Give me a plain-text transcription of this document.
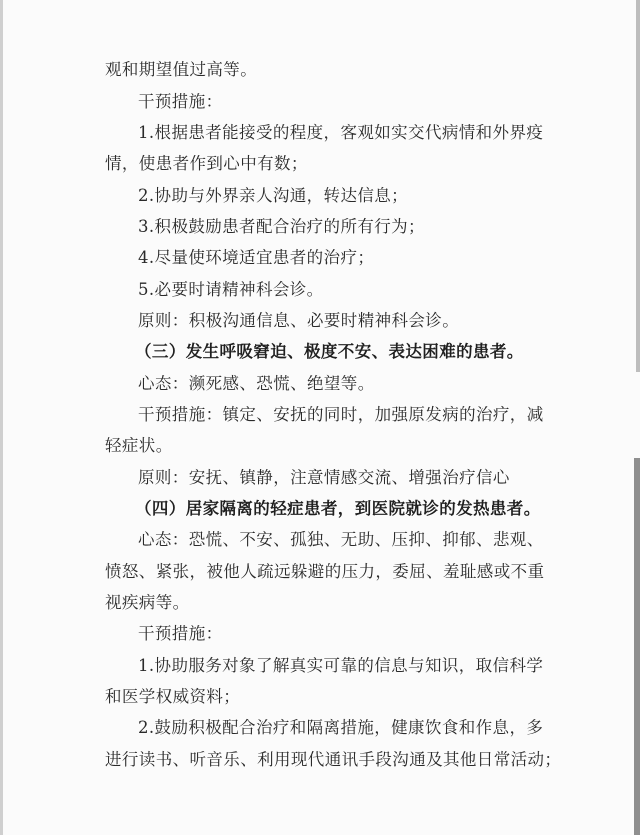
观和期望值过高等。
干预措施：
1.根据患者能接受的程度，客观如实交代病情和外界疫
情，使患者作到心中有数；
2.协助与外界亲人沟通，转达信息；
3.积极鼓励患者配合治疗的所有行为；
4.尽量使环境适宜患者的治疗；
5.必要时请精神科会诊。
原则：积极沟通信息、必要时精神科会诊。
（三）发生呼吸窘迫、极度不安、表达困难的患者。
心态：濒死感、恐慌、绝望等。
干预措施：镇定、安抚的同时，加强原发病的治疗，减
轻症状。
原则：安抚、镇静，注意情感交流、增强治疗信心
（四）居家隔离的轻症患者，到医院就诊的发热患者。
心态：恐慌、不安、孤独、无助、压抑、抑郁、悲观、
愤怒、紧张，被他人疏远躲避的压力，委屈、羞耻感或不重
视疾病等。
干预措施：
1.协助服务对象了解真实可靠的信息与知识，取信科学
和医学权威资料；
2.鼓励积极配合治疗和隔离措施，健康饮食和作息，多
进行读书、听音乐、利用现代通讯手段沟通及其他日常活动；
